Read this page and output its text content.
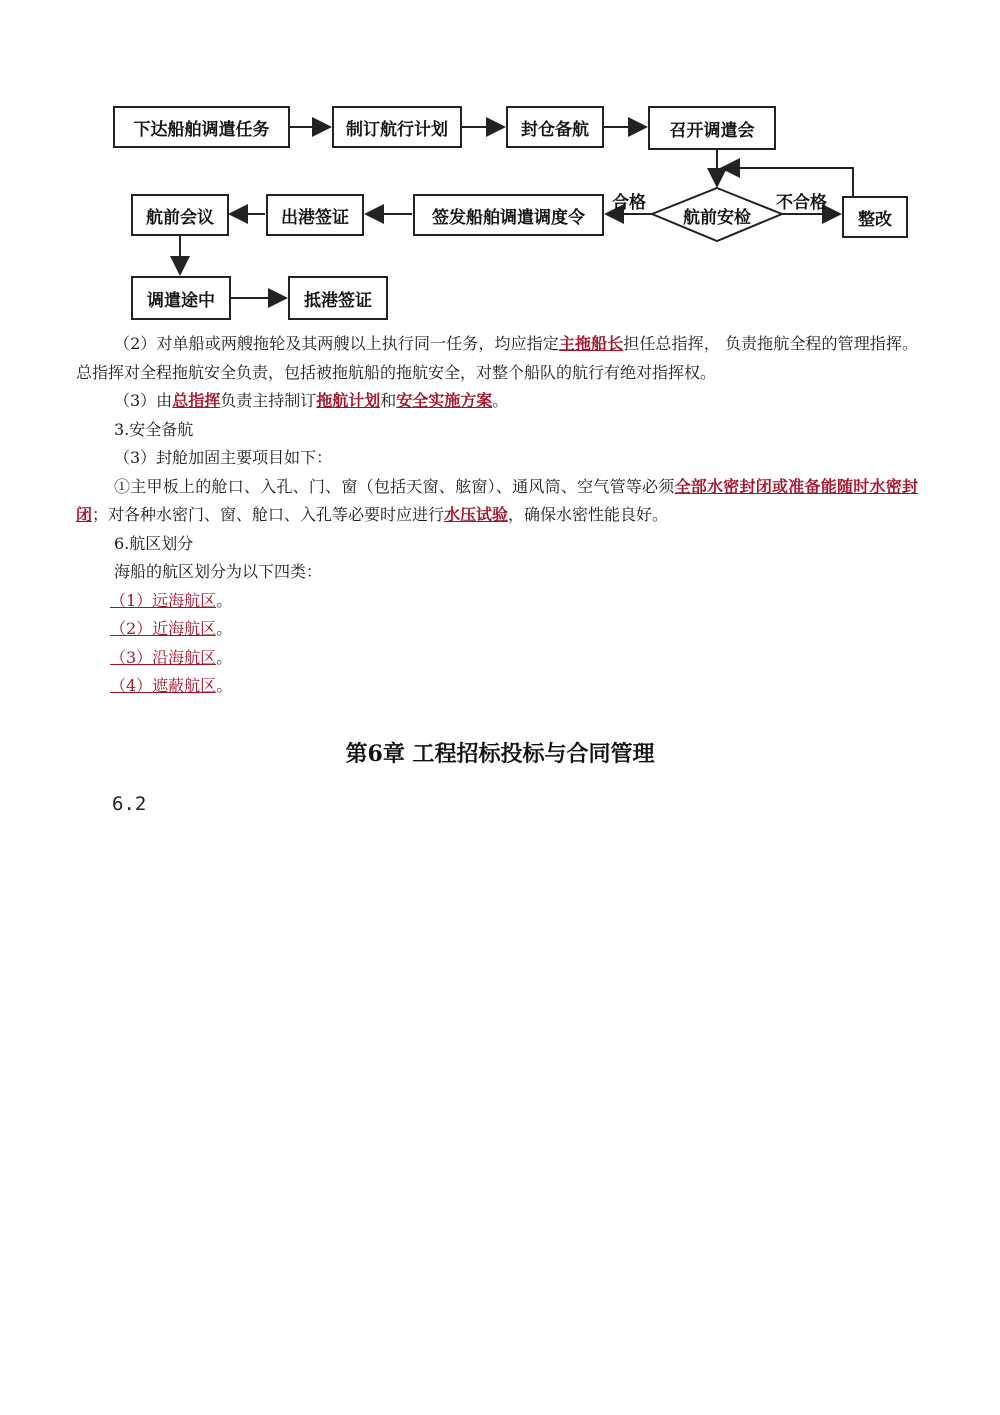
下达船舶调遣任务	制订航行计划	封仓备航	召开调遣会
航前安检	整改
签发船舶调遣调度令
出港签证
航前会议
调遣途中	抵港签证
合格	不合格

（2）对单船或两艘拖轮及其两艘以上执行同一任务，均应指定主拖船长担任总指挥， 负责拖航全程的管理指挥。总指挥对全程拖航安全负责，包括被拖航船的拖航安全，对整个船队的航行有绝对指挥权。

（3）由总指挥负责主持制订拖航计划和安全实施方案。

3.安全备航

（3）封舱加固主要项目如下：

①主甲板上的舱口、入孔、门、窗（包括天窗、舷窗）、通风筒、空气管等必须全部水密封闭或准备能随时水密封闭；对各种水密门、窗、舱口、入孔等必要时应进行水压试验，确保水密性能良好。

6.航区划分

海船的航区划分为以下四类：

（1）远海航区。

（2）近海航区。

（3）沿海航区。

（4）遮蔽航区。

第6章 工程招标投标与合同管理
6.2
